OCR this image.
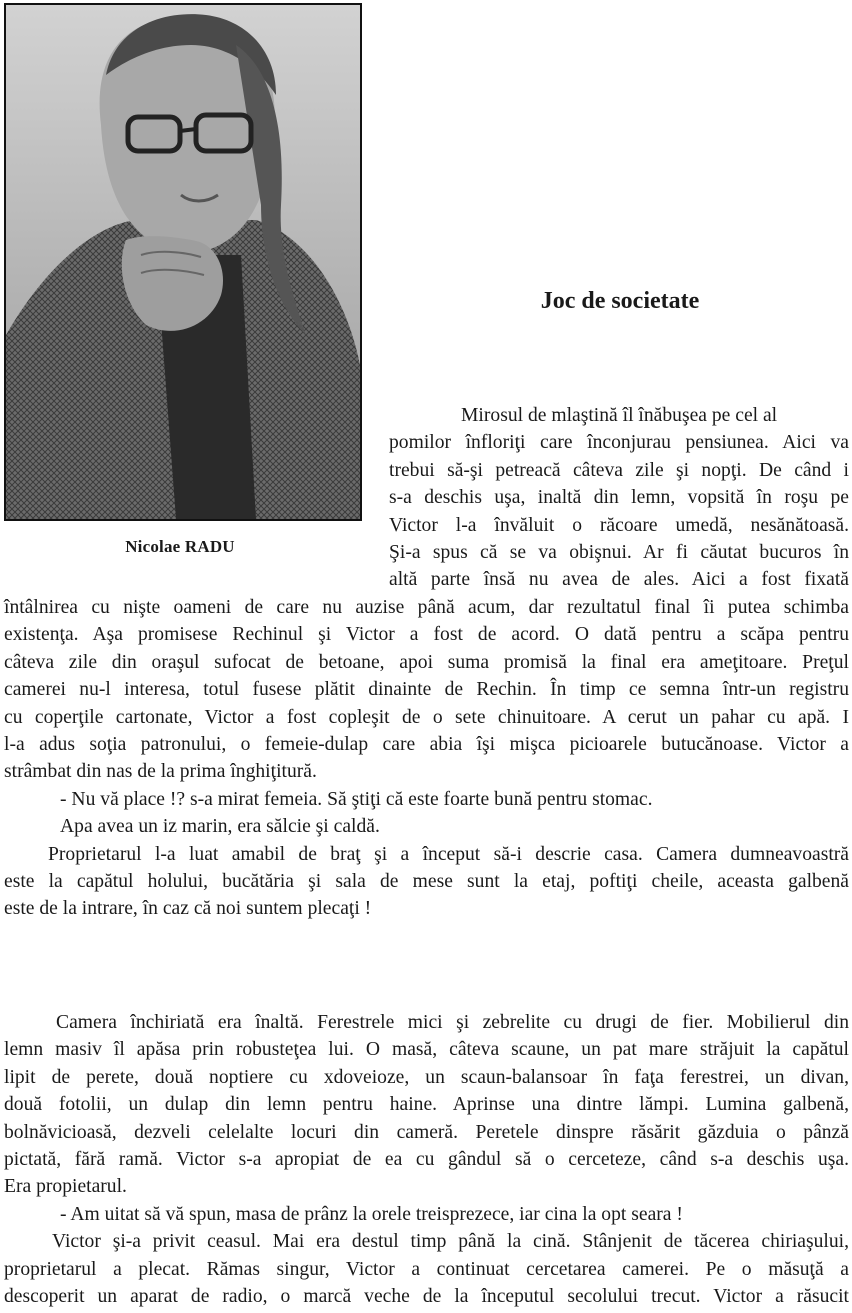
Nicolae RADU
Joc de societate
Mirosul de mlaştină îl înăbuşea pe cel al
pomilor înfloriţi care înconjurau pensiunea. Aici va
trebui să-şi petreacă câteva zile şi nopţi. De când i
s-a deschis uşa, inaltă din lemn, vopsită în roşu pe
Victor l-a învăluit o răcoare umedă, nesănătoasă.
Şi-a spus că se va obişnui. Ar fi căutat bucuros în
altă parte însă nu avea de ales. Aici a fost fixată
întâlnirea cu nişte oameni de care nu auzise până acum, dar rezultatul final îi putea schimba
existenţa. Aşa promisese Rechinul şi Victor a fost de acord. O dată pentru a scăpa pentru
câteva zile din oraşul sufocat de betoane, apoi suma promisă la final era ameţitoare. Preţul
camerei nu-l interesa, totul fusese plătit dinainte de Rechin. În timp ce semna într-un registru
cu coperţile cartonate, Victor a fost copleşit de o sete chinuitoare. A cerut un pahar cu apă. I
l-a adus soţia patronului, o femeie-dulap care abia îşi mişca picioarele butucănoase. Victor a
strâmbat din nas de la prima înghiţitură.
- Nu vă place !? s-a mirat femeia. Să ştiţi că este foarte bună pentru stomac.
Apa avea un iz marin, era sălcie şi caldă.
Proprietarul l-a luat amabil de braţ şi a început să-i descrie casa. Camera dumneavoastră
este la capătul holului, bucătăria şi sala de mese sunt la etaj, poftiţi cheile, aceasta galbenă
este de la intrare, în caz că noi suntem plecaţi !
Camera închiriată era înaltă. Ferestrele mici şi zebrelite cu drugi de fier. Mobilierul din
lemn masiv îl apăsa prin robusteţea lui. O masă, câteva scaune, un pat mare străjuit la capătul
lipit de perete, două noptiere cu xdoveioze, un scaun-balansoar în faţa ferestrei, un divan,
două fotolii, un dulap din lemn pentru haine. Aprinse una dintre lămpi. Lumina galbenă,
bolnăvicioasă, dezveli celelalte locuri din cameră. Peretele dinspre răsărit găzduia o pânză
pictată, fără ramă. Victor s-a apropiat de ea cu gândul să o cerceteze, când s-a deschis uşa.
Era propietarul.
- Am uitat să vă spun, masa de prânz la orele treisprezece, iar cina la opt seara !
Victor şi-a privit ceasul. Mai era destul timp până la cină. Stânjenit de tăcerea chiriaşului,
proprietarul a plecat. Rămas singur, Victor a continuat cercetarea camerei. Pe o măsuţă a
descoperit un aparat de radio, o marcă veche de la începutul secolului trecut. Victor a răsucit
